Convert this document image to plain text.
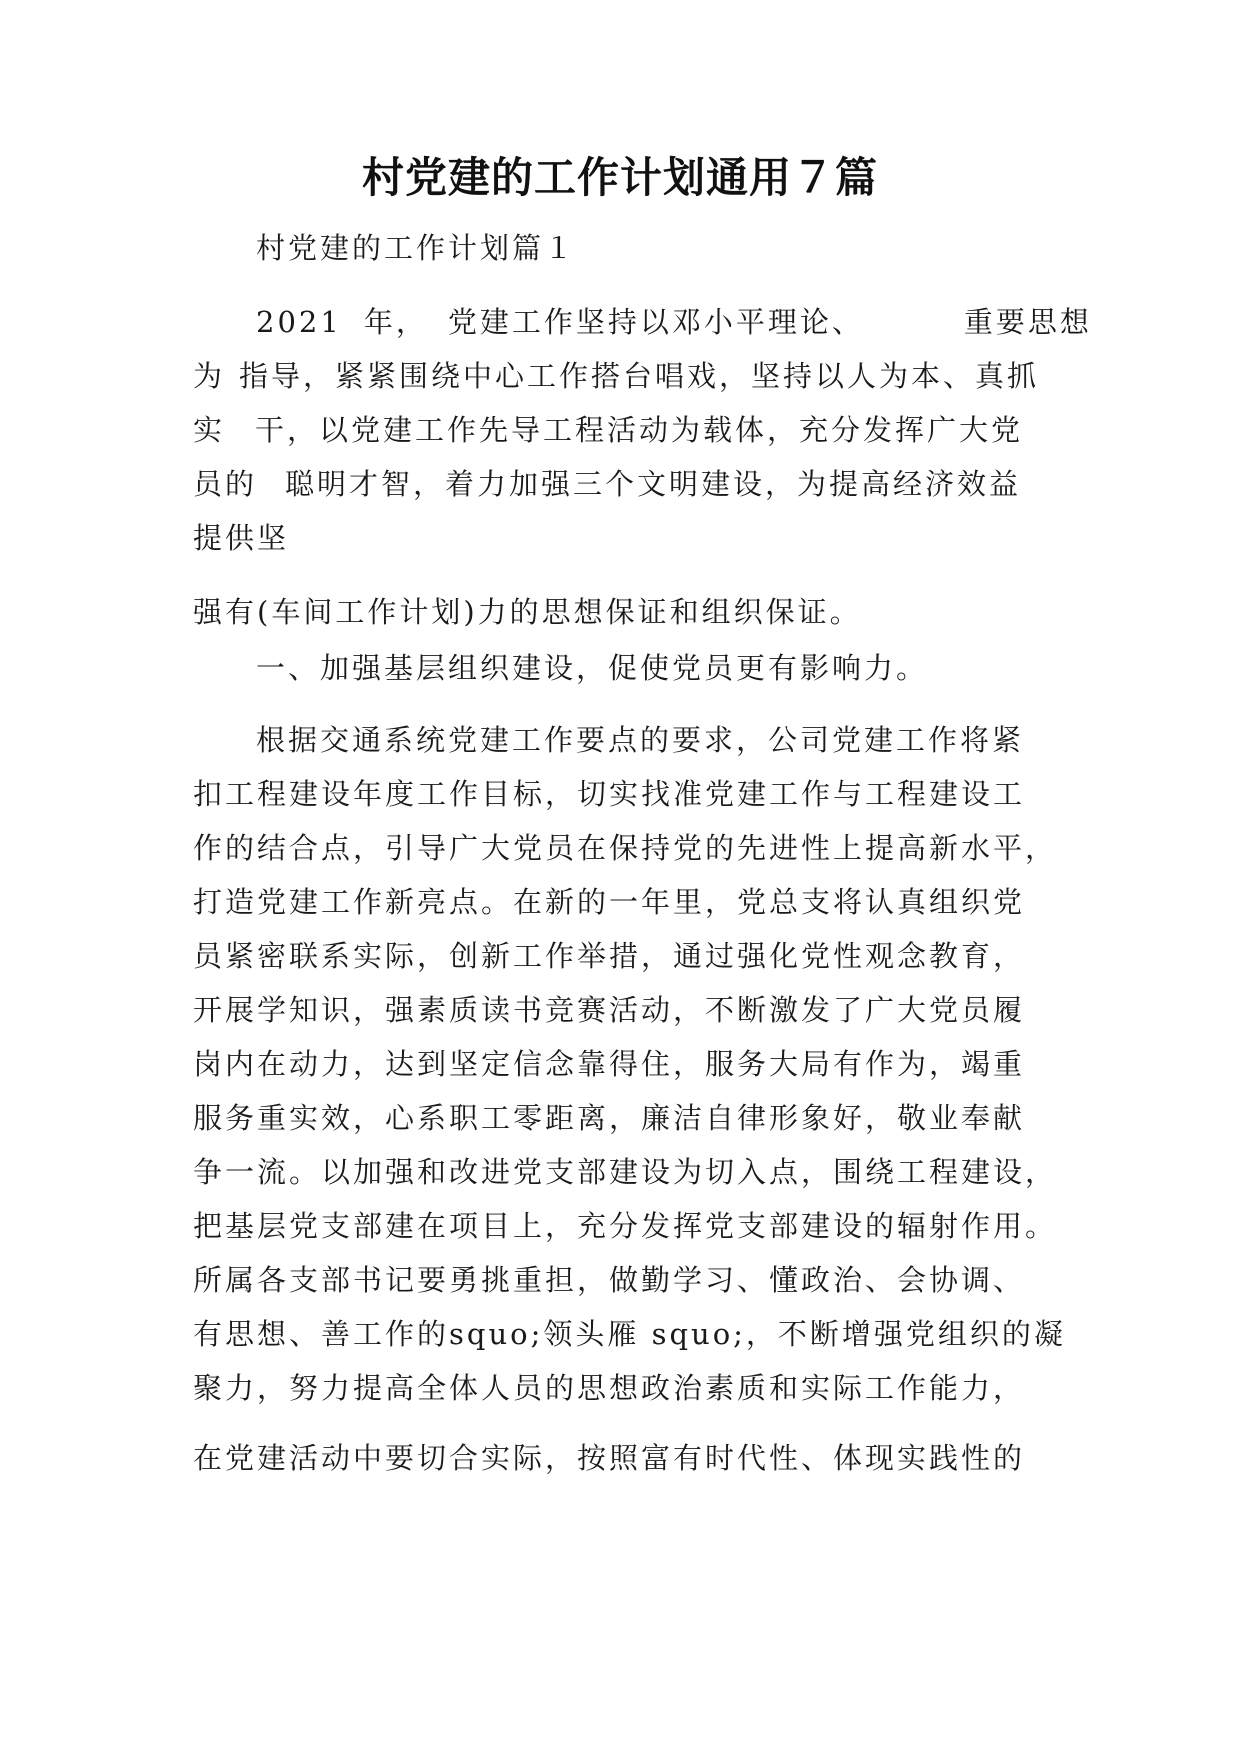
村党建的工作计划通用７篇
村党建的工作计划篇１
2021 年， 党建工作坚持以邓小平理论、	重要思想
为 指导，紧紧围绕中心工作搭台唱戏，坚持以人为本、真抓
实 干，以党建工作先导工程活动为载体，充分发挥广大党
员的 聪明才智，着力加强三个文明建设，为提高经济效益
提供坚
强有(车间工作计划)力的思想保证和组织保证。
一、加强基层组织建设，促使党员更有影响力。
根据交通系统党建工作要点的要求，公司党建工作将紧
扣工程建设年度工作目标，切实找准党建工作与工程建设工
作的结合点，引导广大党员在保持党的先进性上提高新水平，
打造党建工作新亮点。在新的一年里，党总支将认真组织党
员紧密联系实际，创新工作举措，通过强化党性观念教育，
开展学知识，强素质读书竞赛活动，不断激发了广大党员履
岗内在动力，达到坚定信念靠得住，服务大局有作为，竭重
服务重实效，心系职工零距离，廉洁自律形象好，敬业奉献
争一流。以加强和改进党支部建设为切入点，围绕工程建设，
把基层党支部建在项目上，充分发挥党支部建设的辐射作用。
所属各支部书记要勇挑重担，做勤学习、懂政治、会协调、
有思想、善工作的squo;领头雁 squo;，不断增强党组织的凝
聚力，努力提高全体人员的思想政治素质和实际工作能力，
在党建活动中要切合实际，按照富有时代性、体现实践性的
